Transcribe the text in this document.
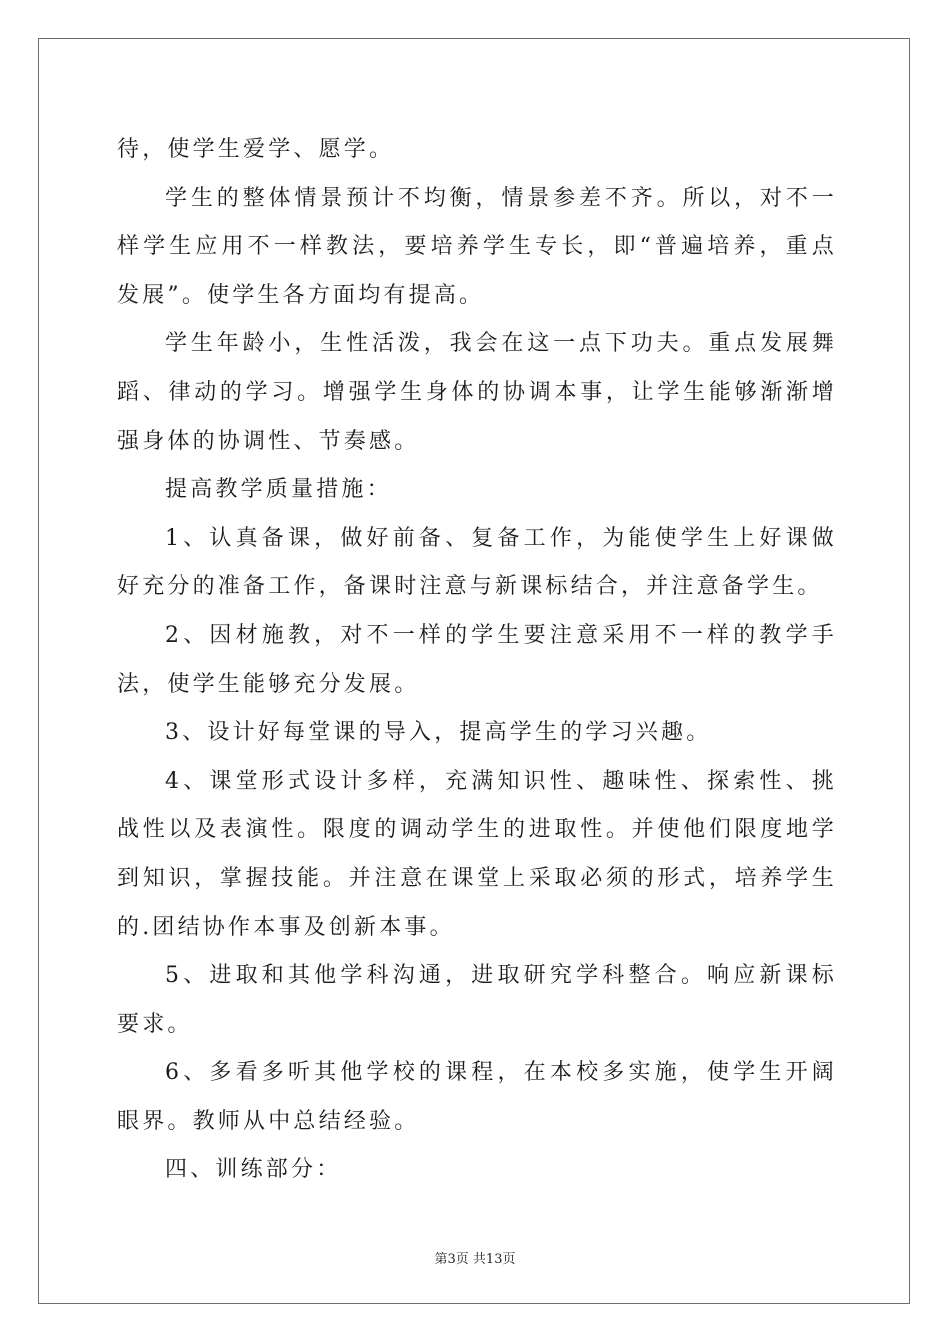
待，使学生爱学、愿学。

学生的整体情景预计不均衡，情景参差不齐。所以，对不一样学生应用不一样教法，要培养学生专长，即“普遍培养，重点发展”。使学生各方面均有提高。

学生年龄小，生性活泼，我会在这一点下功夫。重点发展舞蹈、律动的学习。增强学生身体的协调本事，让学生能够渐渐增强身体的协调性、节奏感。

提高教学质量措施：

1、认真备课，做好前备、复备工作，为能使学生上好课做好充分的准备工作，备课时注意与新课标结合，并注意备学生。

2、因材施教，对不一样的学生要注意采用不一样的教学手法，使学生能够充分发展。

3、设计好每堂课的导入，提高学生的学习兴趣。

4、课堂形式设计多样，充满知识性、趣味性、探索性、挑战性以及表演性。限度的调动学生的进取性。并使他们限度地学到知识，掌握技能。并注意在课堂上采取必须的形式，培养学生的.团结协作本事及创新本事。

5、进取和其他学科沟通，进取研究学科整合。响应新课标要求。

6、多看多听其他学校的课程，在本校多实施，使学生开阔眼界。教师从中总结经验。

四、训练部分：

第3页 共13页
